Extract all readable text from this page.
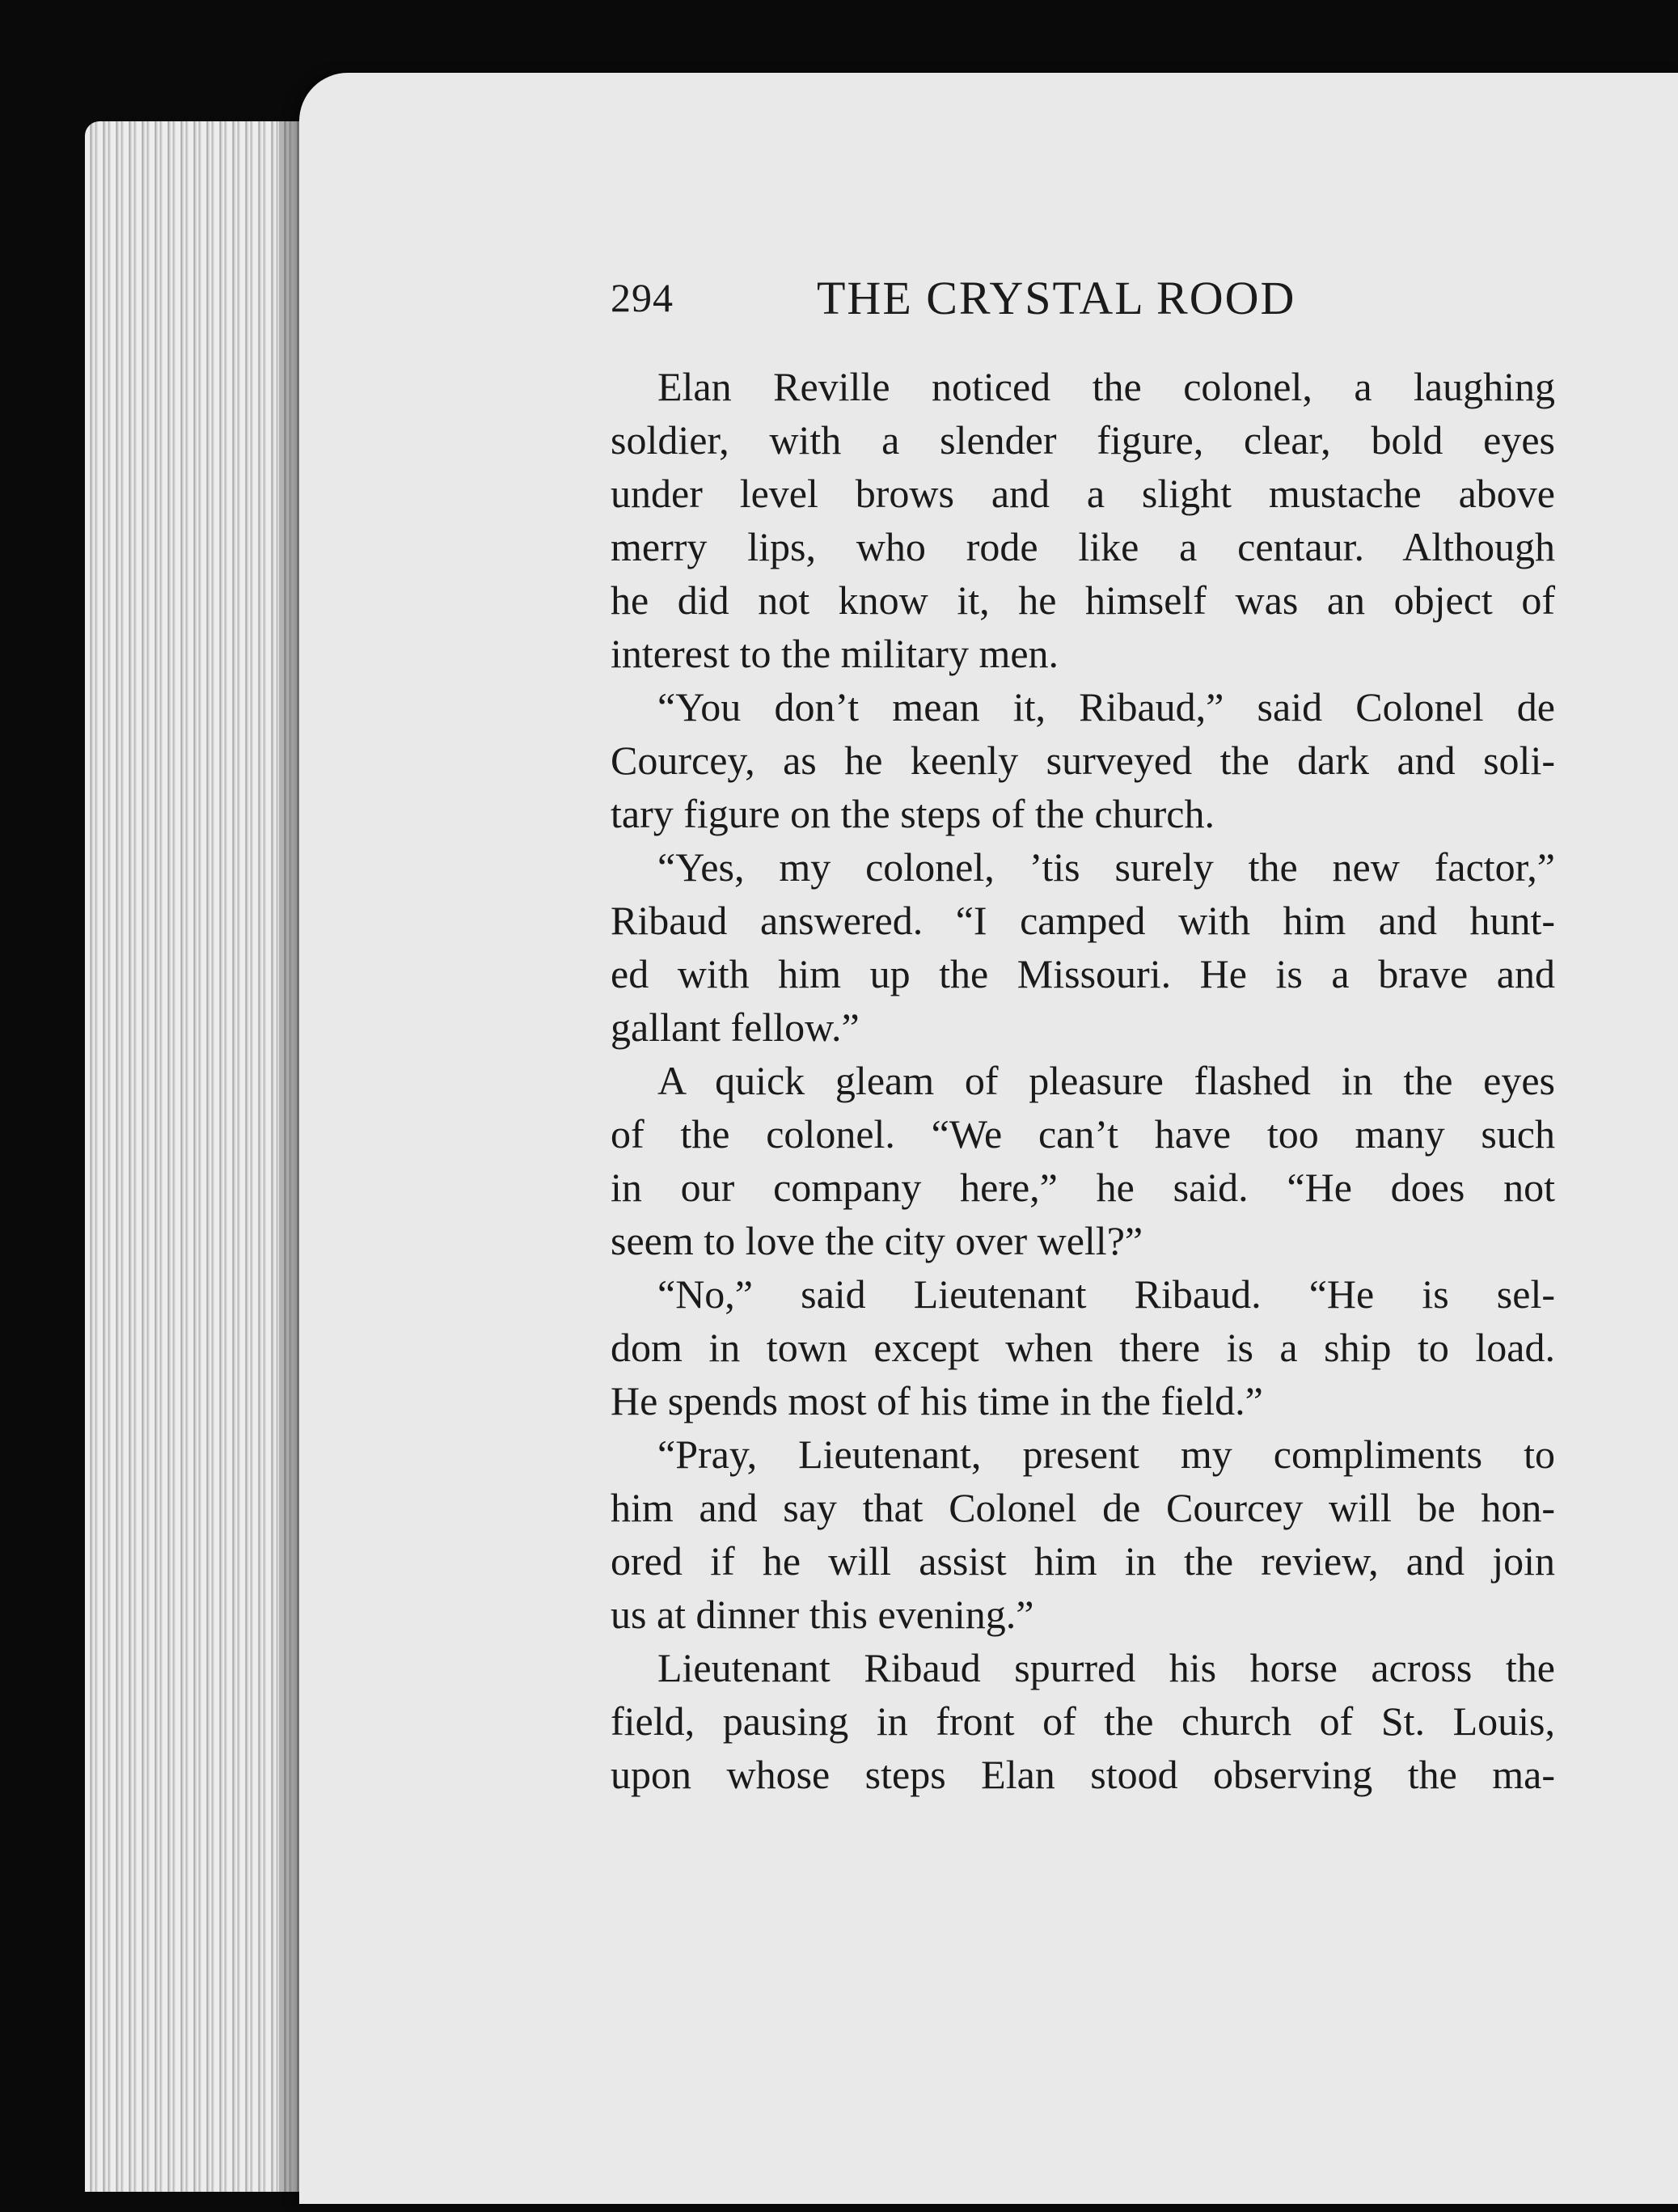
294	THE CRYSTAL ROOD
Elan Reville noticed the colonel, a laughing
soldier, with a slender figure, clear, bold eyes
under level brows and a slight mustache above
merry lips, who rode like a centaur. Although
he did not know it, he himself was an object of
interest to the military men.
“You don’t mean it, Ribaud,” said Colonel de
Courcey, as he keenly surveyed the dark and soli-
tary figure on the steps of the church.
“Yes, my colonel, ’tis surely the new factor,”
Ribaud answered. “I camped with him and hunt-
ed with him up the Missouri. He is a brave and
gallant fellow.”
A quick gleam of pleasure flashed in the eyes
of the colonel. “We can’t have too many such
in our company here,” he said. “He does not
seem to love the city over well?”
“No,” said Lieutenant Ribaud. “He is sel-
dom in town except when there is a ship to load.
He spends most of his time in the field.”
“Pray, Lieutenant, present my compliments to
him and say that Colonel de Courcey will be hon-
ored if he will assist him in the review, and join
us at dinner this evening.”
Lieutenant Ribaud spurred his horse across the
field, pausing in front of the church of St. Louis,
upon whose steps Elan stood observing the ma-
